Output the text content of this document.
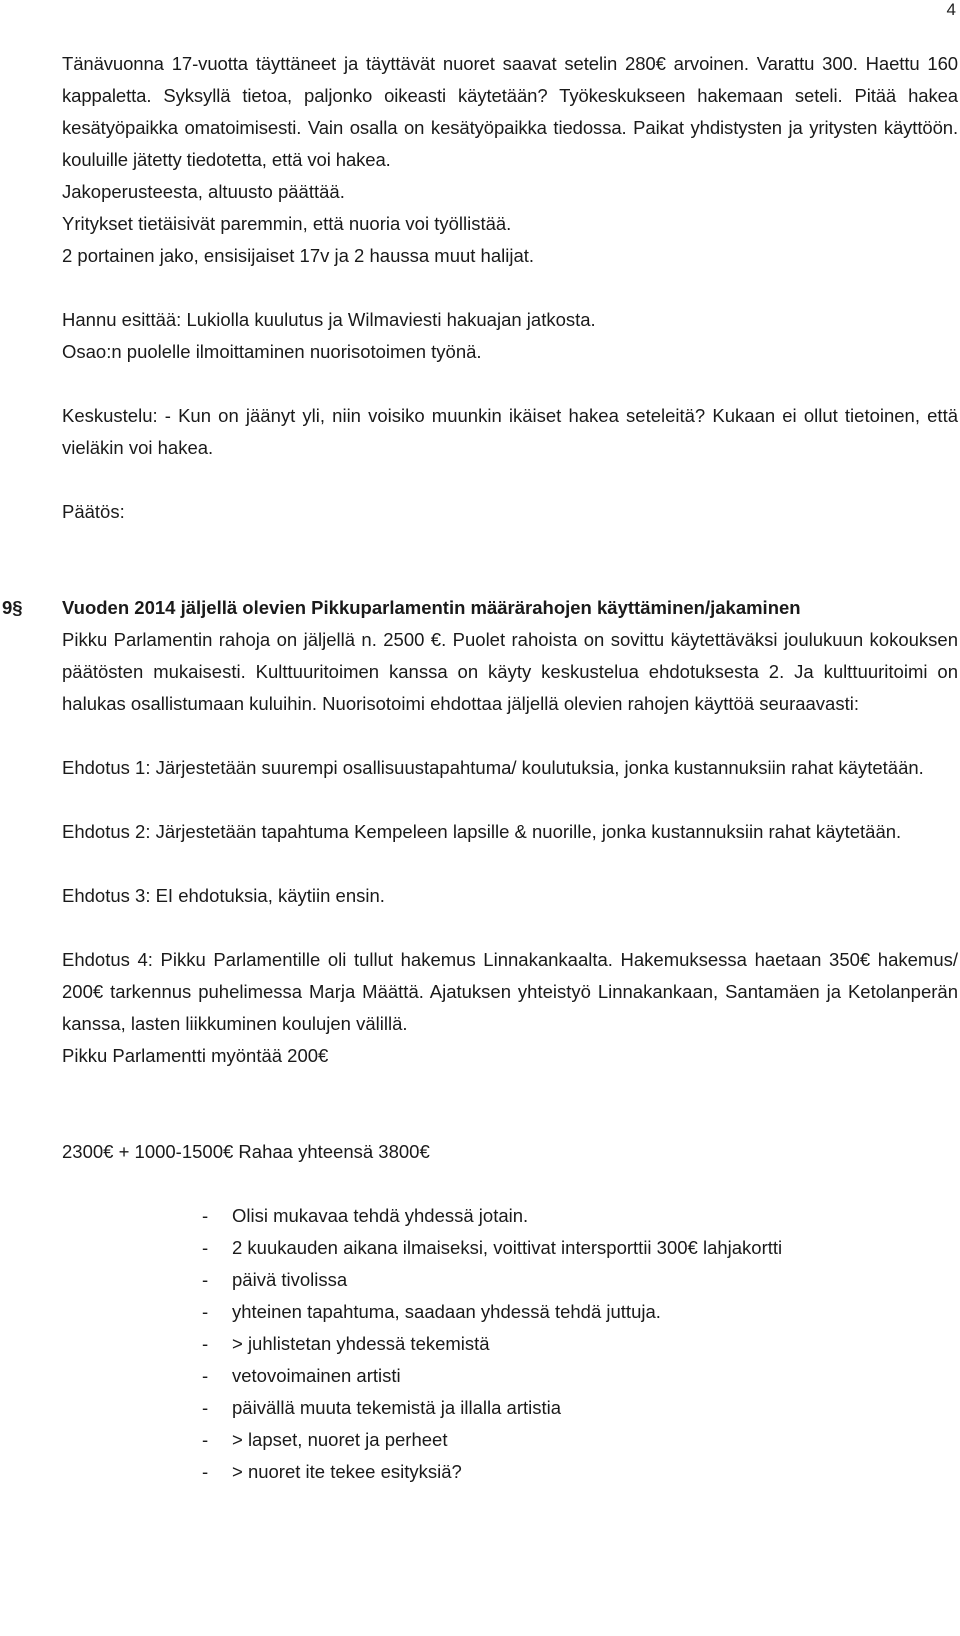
4

Tänävuonna 17-vuotta täyttäneet ja täyttävät nuoret saavat setelin 280€ arvoinen. Varattu 300. Haettu 160 kappaletta. Syksyllä tietoa, paljonko oikeasti käytetään? Työkeskukseen hakemaan seteli. Pitää hakea kesätyöpaikka omatoimisesti. Vain osalla on kesätyöpaikka tiedossa. Paikat yhdistysten ja yritysten käyttöön. kouluille jätetty tiedotetta, että voi hakea.

Jakoperusteesta, altuusto päättää.

Yritykset tietäisivät paremmin, että nuoria voi työllistää.

2 portainen jako, ensisijaiset 17v ja 2 haussa muut halijat.

Hannu esittää: Lukiolla kuulutus ja Wilmaviesti hakuajan jatkosta.

Osao:n puolelle ilmoittaminen nuorisotoimen työnä.

Keskustelu: - Kun on jäänyt yli, niin voisiko muunkin ikäiset hakea seteleitä? Kukaan ei ollut tietoinen, että vieläkin voi hakea.

Päätös:

9§	Vuoden 2014 jäljellä olevien Pikkuparlamentin määrärahojen käyttäminen/jakaminen

Pikku Parlamentin rahoja on jäljellä n. 2500 €. Puolet rahoista on sovittu käytettäväksi joulukuun kokouksen päätösten mukaisesti. Kulttuuritoimen kanssa on käyty keskustelua ehdotuksesta 2. Ja kulttuuritoimi on halukas osallistumaan kuluihin. Nuorisotoimi ehdottaa jäljellä olevien rahojen käyttöä seuraavasti:

Ehdotus 1: Järjestetään suurempi osallisuustapahtuma/ koulutuksia, jonka kustannuksiin rahat käytetään.

Ehdotus 2: Järjestetään tapahtuma Kempeleen lapsille & nuorille, jonka kustannuksiin rahat käytetään.

Ehdotus 3: EI ehdotuksia, käytiin ensin.

Ehdotus 4: Pikku Parlamentille oli tullut hakemus Linnakankaalta. Hakemuksessa haetaan 350€ hakemus/ 200€ tarkennus puhelimessa Marja Määttä. Ajatuksen yhteistyö Linnakankaan, Santamäen ja Ketolanperän kanssa, lasten liikkuminen koulujen välillä.

Pikku Parlamentti myöntää 200€

2300€ + 1000-1500€ Rahaa yhteensä 3800€

- Olisi mukavaa tehdä yhdessä jotain.
- 2 kuukauden aikana ilmaiseksi, voittivat intersporttii 300€ lahjakortti
- päivä tivolissa
- yhteinen tapahtuma, saadaan yhdessä tehdä juttuja.
- > juhlistetan yhdessä tekemistä
- vetovoimainen artisti
- päivällä muuta tekemistä ja illalla artistia
- > lapset, nuoret ja perheet
- > nuoret ite tekee esityksiä?
